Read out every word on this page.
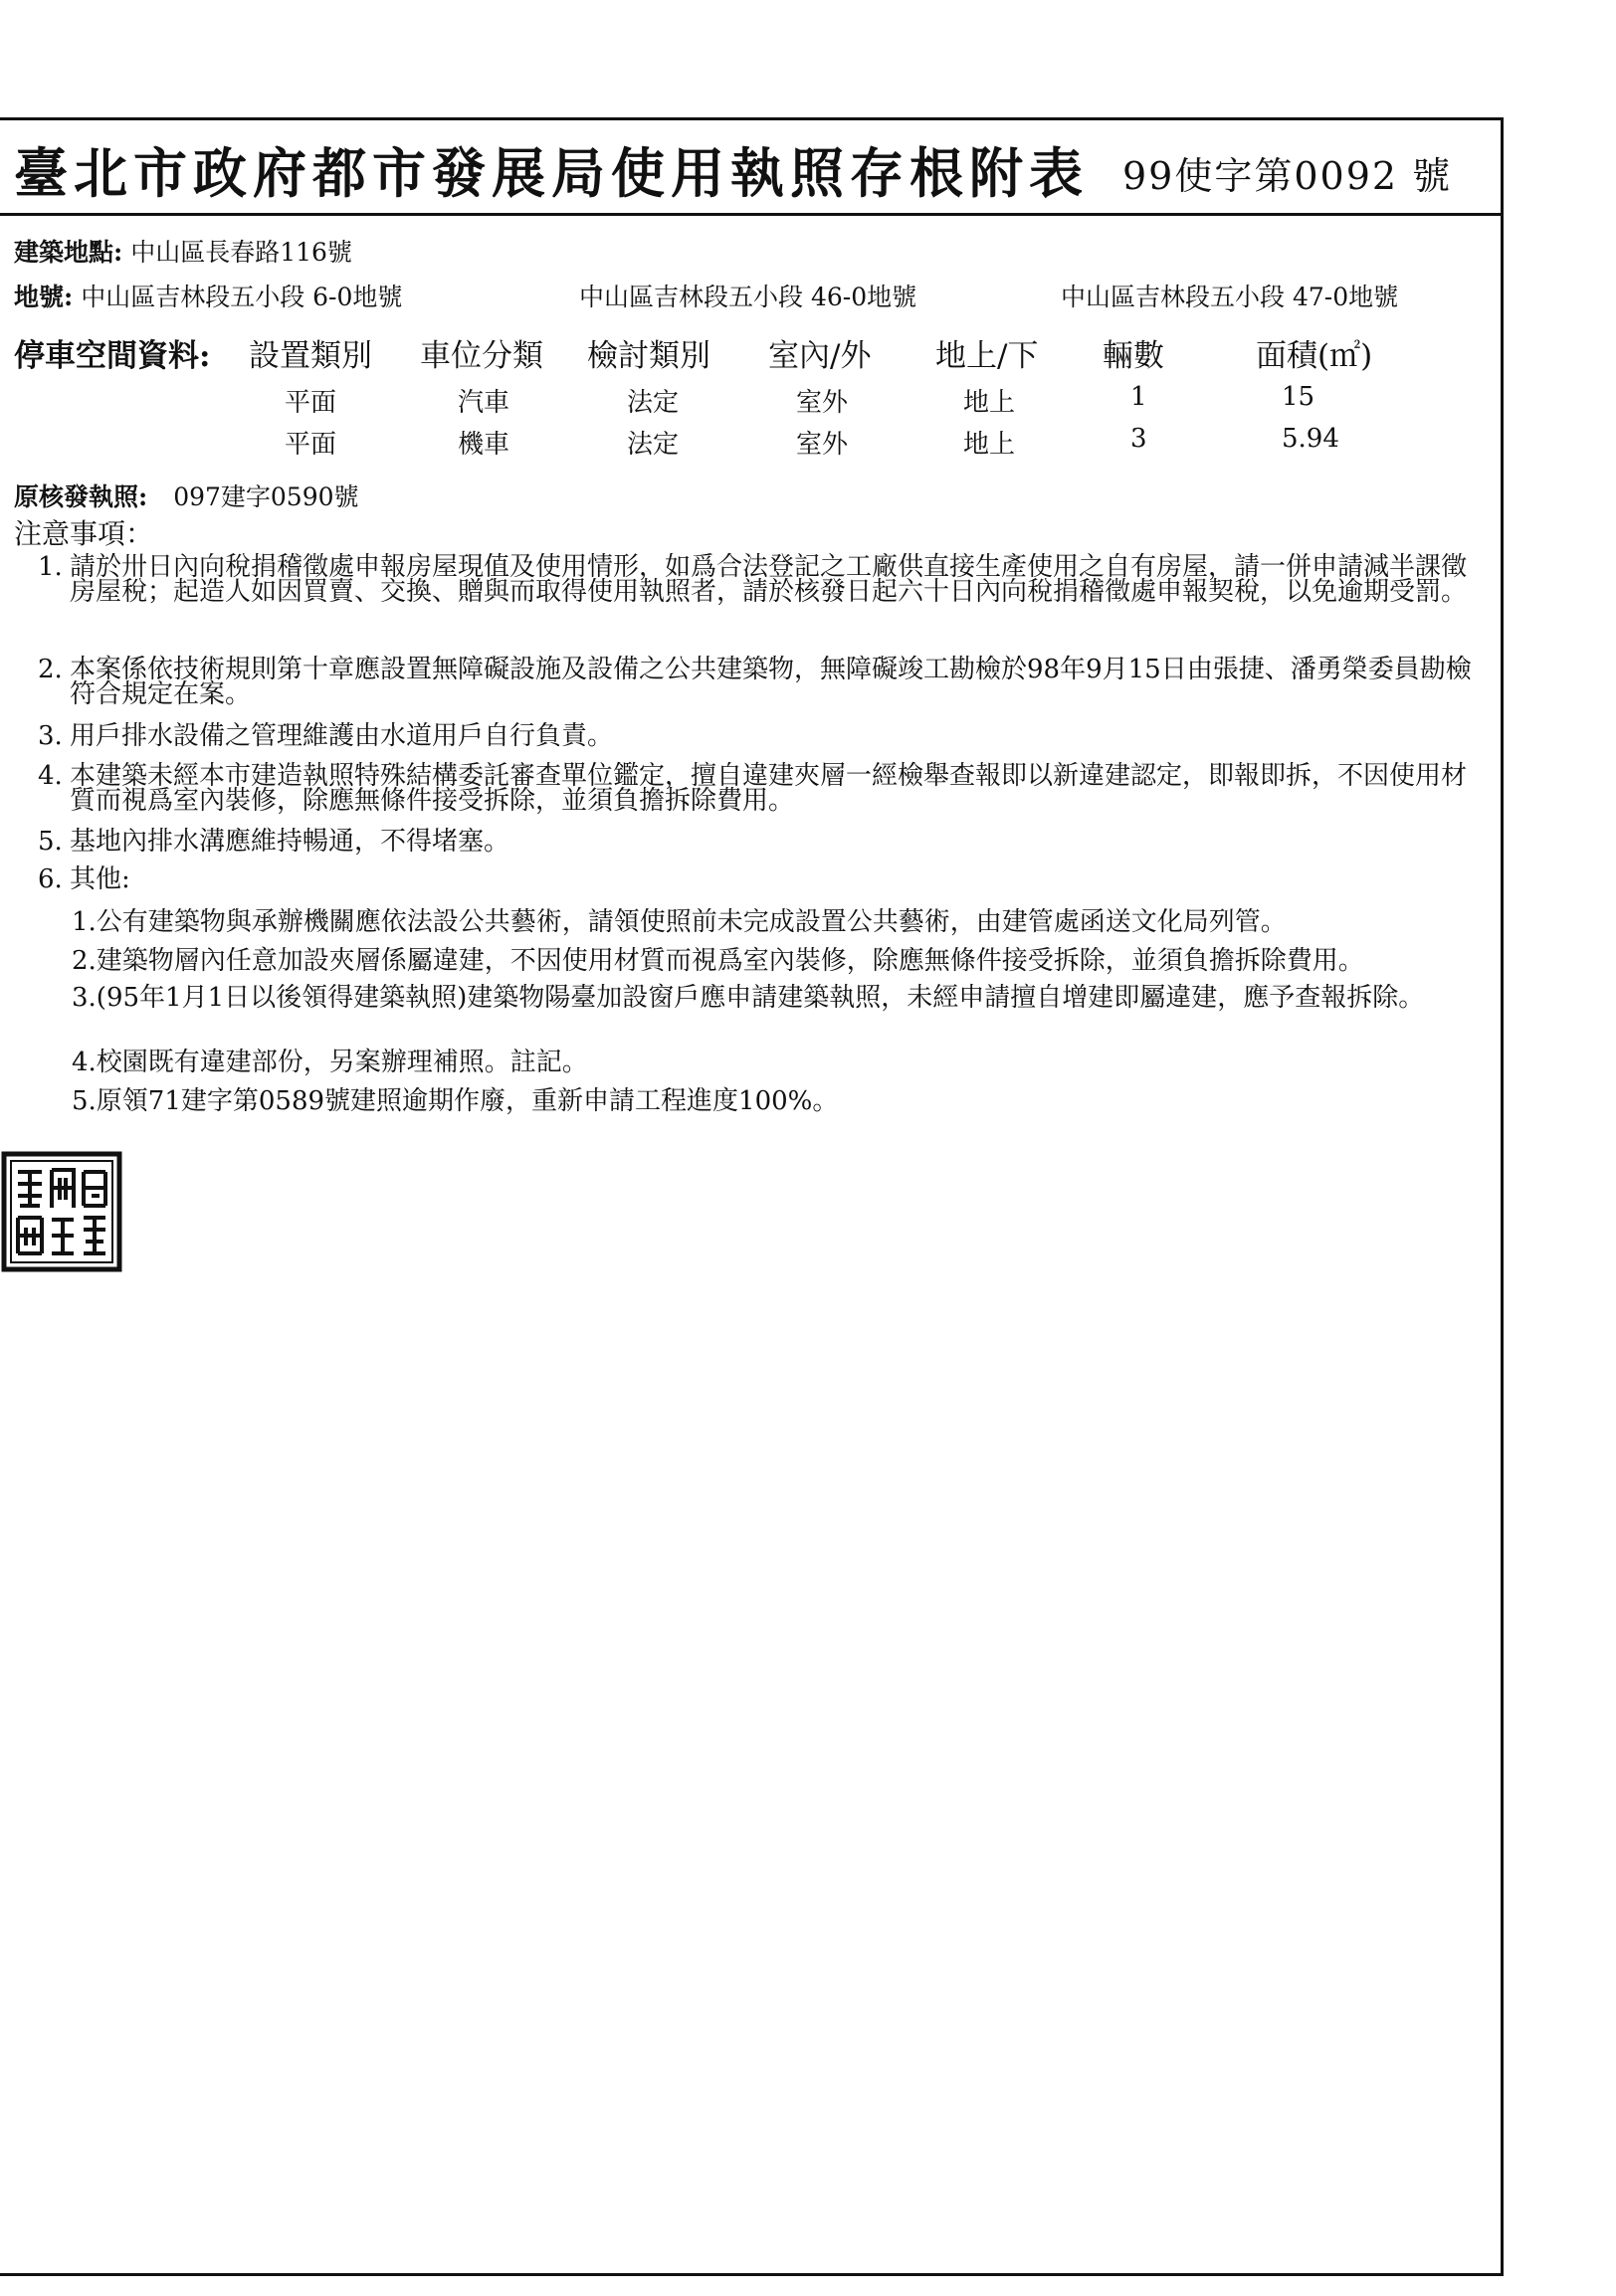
臺北市政府都市發展局使用執照存根附表 99使字第0092 號
建築地點: 中山區長春路116號
地號: 中山區吉林段五小段 6-0地號	中山區吉林段五小段 46-0地號	中山區吉林段五小段 47-0地號
停車空間資料: 設置類別 車位分類 檢討類別 室內/外 地上/下 輛數	面積(㎡)
平面	汽車	法定	室外	地上	1	15
平面	機車	法定	室外	地上	3	5.94
原核發執照: 097建字0590號
注意事項：
1. 請於卅日內向稅捐稽徵處申報房屋現值及使用情形，如爲合法登記之工廠供直接生產使用之自有房屋，請一併申請減半課徵房屋稅；起造人如因買賣、交換、贈與而取得使用執照者，請於核發日起六十日內向稅捐稽徵處申報契稅，以免逾期受罰。
2. 本案係依技術規則第十章應設置無障礙設施及設備之公共建築物，無障礙竣工勘檢於98年9月15日由張捷、潘勇榮委員勘檢符合規定在案。
3. 用戶排水設備之管理維護由水道用戶自行負責。
4. 本建築未經本市建造執照特殊結構委託審查單位鑑定，擅自違建夾層一經檢舉查報即以新違建認定，即報即拆，不因使用材質而視爲室內裝修，除應無條件接受拆除，並須負擔拆除費用。
5. 基地內排水溝應維持暢通，不得堵塞。
6. 其他:
1.公有建築物與承辦機關應依法設公共藝術，請領使照前未完成設置公共藝術，由建管處函送文化局列管。
2.建築物層內任意加設夾層係屬違建，不因使用材質而視爲室內裝修，除應無條件接受拆除，並須負擔拆除費用。
3.(95年1月1日以後領得建築執照)建築物陽臺加設窗戶應申請建築執照，未經申請擅自增建即屬違建，應予查報拆除。
4.校園既有違建部份，另案辦理補照。註記。
5.原領71建字第0589號建照逾期作廢，重新申請工程進度100%。
